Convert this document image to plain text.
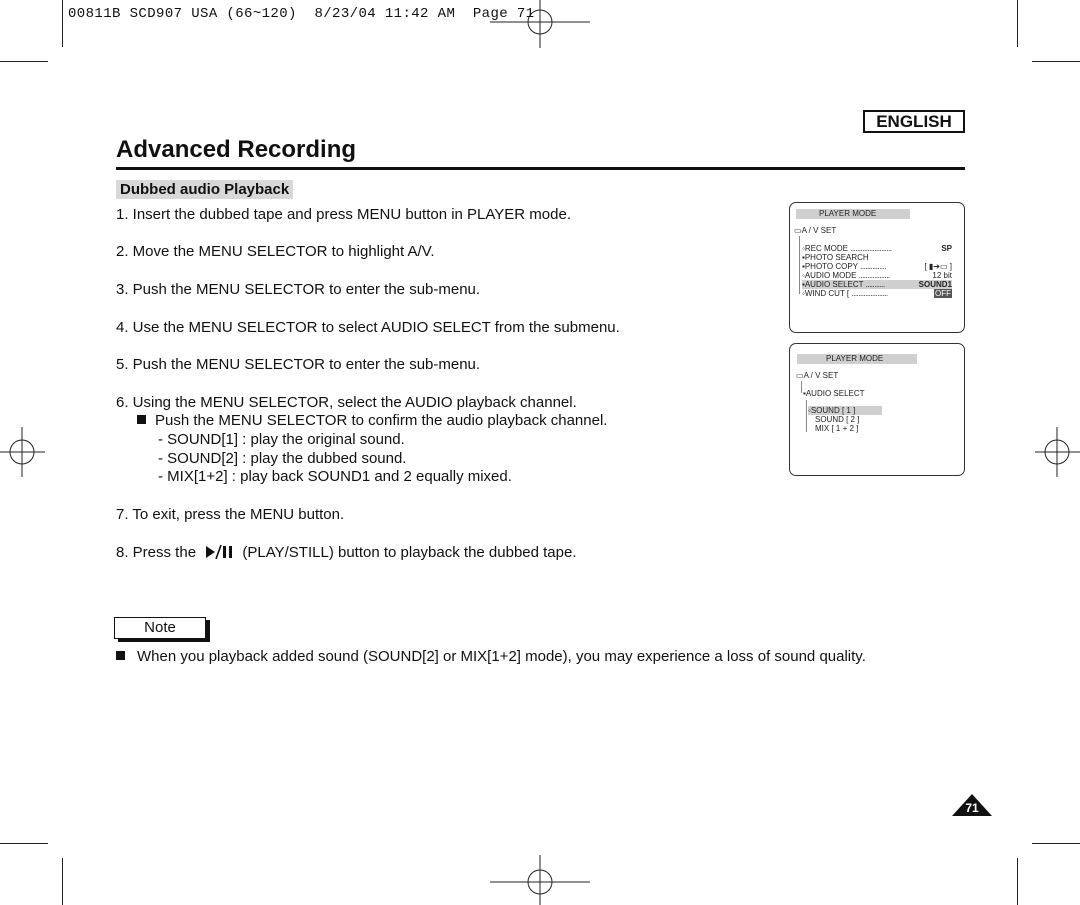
00811B SCD907 USA (66~120)  8/23/04 11:42 AM  Page 71
ENGLISH
Advanced Recording
Dubbed audio Playback
1. Insert the dubbed tape and press MENU button in PLAYER mode.
2. Move the MENU SELECTOR to highlight A/V.
3. Push the MENU SELECTOR to enter the sub-menu.
4. Use the MENU SELECTOR to select AUDIO SELECT from the submenu.
5. Push the MENU SELECTOR to enter the sub-menu.
6. Using the MENU SELECTOR, select the AUDIO playback channel.
Push the MENU SELECTOR to confirm the audio playback channel.
- SOUND[1] : play the original sound.
- SOUND[2] : play the dubbed sound.
- MIX[1+2] : play back SOUND1 and 2 equally mixed.
7. To exit, press the MENU button.
8. Press the	(PLAY/STILL) button to playback the dubbed tape.
PLAYER MODE
▭A / V SET
◦REC MODE ........................	SP
▪PHOTO SEARCH
▪PHOTO COPY ...............	[ ▮➔▭ ]
◦AUDIO MODE ..................	12 bit
▪AUDIO SELECT ...........	SOUND1
◦WIND CUT [ .....................	OFF
PLAYER MODE
▭A / V SET
▪AUDIO SELECT
◦SOUND [ 1 ]
SOUND [ 2 ]
MIX [ 1 + 2 ]
Note
When you playback added sound (SOUND[2] or MIX[1+2] mode), you may experience a loss of sound quality.
71
